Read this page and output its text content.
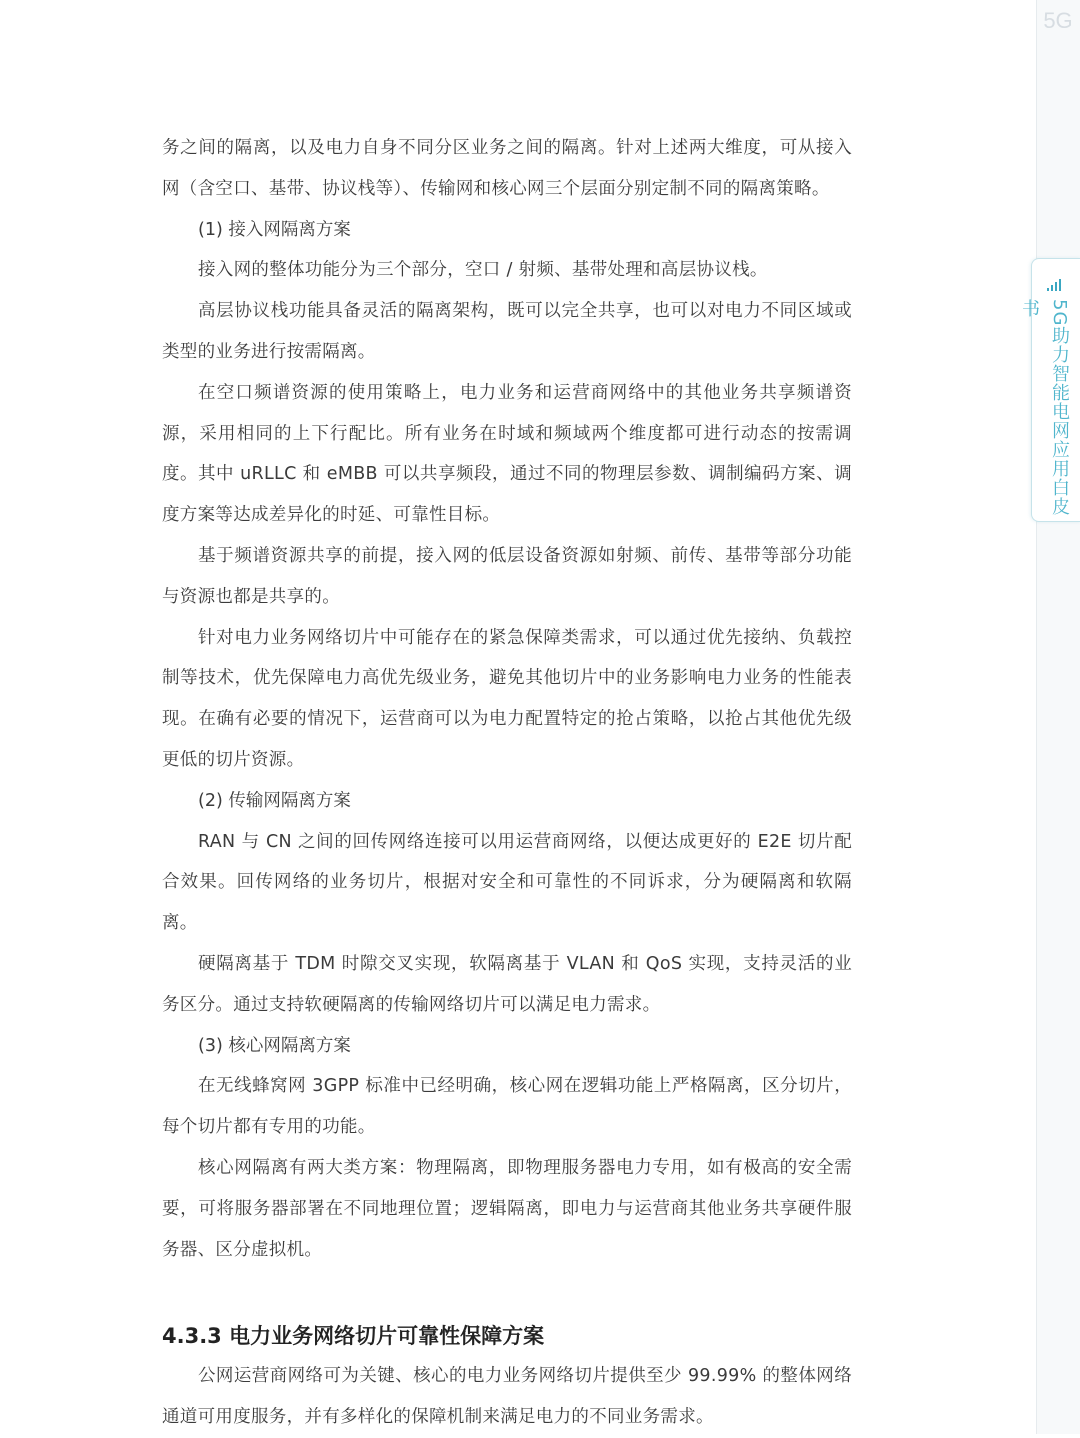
5G
5G助力智能电网应用白皮书

务之间的隔离，以及电力自身不同分区业务之间的隔离。针对上述两大维度，可从接入网（含空口、基带、协议栈等）、传输网和核心网三个层面分别定制不同的隔离策略。

(1) 接入网隔离方案

接入网的整体功能分为三个部分，空口 / 射频、基带处理和高层协议栈。

高层协议栈功能具备灵活的隔离架构，既可以完全共享，也可以对电力不同区域或类型的业务进行按需隔离。

在空口频谱资源的使用策略上，电力业务和运营商网络中的其他业务共享频谱资源，采用相同的上下行配比。所有业务在时域和频域两个维度都可进行动态的按需调度。其中 uRLLC 和 eMBB 可以共享频段，通过不同的物理层参数、调制编码方案、调度方案等达成差异化的时延、可靠性目标。

基于频谱资源共享的前提，接入网的低层设备资源如射频、前传、基带等部分功能与资源也都是共享的。

针对电力业务网络切片中可能存在的紧急保障类需求，可以通过优先接纳、负载控制等技术，优先保障电力高优先级业务，避免其他切片中的业务影响电力业务的性能表现。在确有必要的情况下，运营商可以为电力配置特定的抢占策略，以抢占其他优先级更低的切片资源。

(2) 传输网隔离方案

RAN 与 CN 之间的回传网络连接可以用运营商网络，以便达成更好的 E2E 切片配合效果。回传网络的业务切片，根据对安全和可靠性的不同诉求，分为硬隔离和软隔离。

硬隔离基于 TDM 时隙交叉实现，软隔离基于 VLAN 和 QoS 实现，支持灵活的业务区分。通过支持软硬隔离的传输网络切片可以满足电力需求。

(3) 核心网隔离方案

在无线蜂窝网 3GPP 标准中已经明确，核心网在逻辑功能上严格隔离，区分切片，每个切片都有专用的功能。

核心网隔离有两大类方案：物理隔离，即物理服务器电力专用，如有极高的安全需要，可将服务器部署在不同地理位置；逻辑隔离，即电力与运营商其他业务共享硬件服务器、区分虚拟机。

4.3.3 电力业务网络切片可靠性保障方案

公网运营商网络可为关键、核心的电力业务网络切片提供至少 99.99% 的整体网络通道可用度服务，并有多样化的保障机制来满足电力的不同业务需求。
